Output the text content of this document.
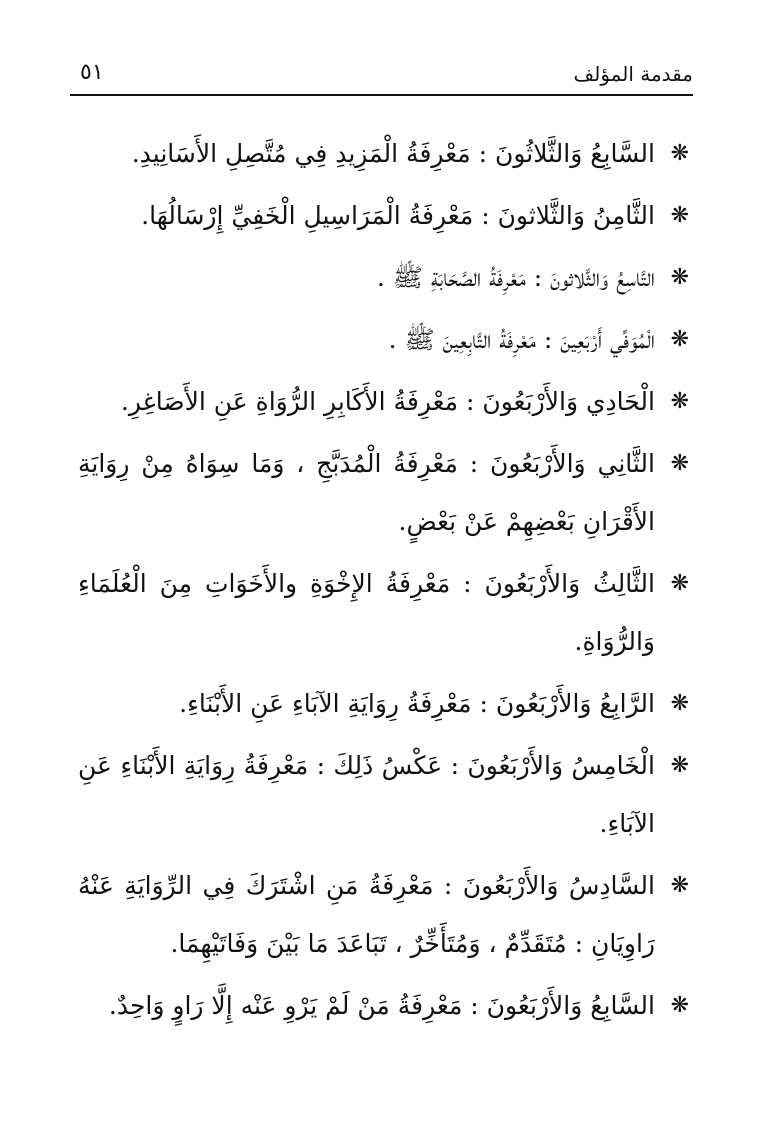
مقدمة المؤلف
٥١
❋
السَّابِعُ وَالثَّلاثُونَ : مَعْرِفَةُ الْمَزِيدِ فِي مُتَّصِلِ الأَسَانِيدِ.
❋
الثَّامِنُ وَالثَّلاثونَ : مَعْرِفَةُ الْمَرَاسِيلِ الْخَفِيِّ إِرْسَالُهَا.
❋
التَّاسِعُ وَالثَّلاثونَ : مَعْرِفَةُ الصَّحَابَةِ ﷺ .
❋
الْمُوَفِّي أَرْبَعِينَ : مَعْرِفَةُ التَّابِعِينَ ﷺ .
❋
الْحَادِي وَالأَرْبَعُونَ : مَعْرِفَةُ الأَكَابِرِ الرُّوَاةِ عَنِ الأَصَاغِرِ.
❋
الثَّانِي وَالأَرْبَعُونَ : مَعْرِفَةُ الْمُدَبَّجِ ، وَمَا سِوَاهُ مِنْ رِوَايَةِ الأَقْرَانِ بَعْضِهِمْ عَنْ بَعْضٍ.
❋
الثَّالِثُ وَالأَرْبَعُونَ : مَعْرِفَةُ الإِخْوَةِ والأَخَوَاتِ مِنَ الْعُلَمَاءِ وَالرُّوَاةِ.
❋
الرَّابِعُ وَالأَرْبَعُونَ : مَعْرِفَةُ رِوَايَةِ الآبَاءِ عَنِ الأَبْنَاءِ.
❋
الْخَامِسُ وَالأَرْبَعُونَ : عَكْسُ ذَلِكَ : مَعْرِفَةُ رِوَايَةِ الأَبْنَاءِ عَنِ الآبَاءِ.
❋
السَّادِسُ وَالأَرْبَعُونَ : مَعْرِفَةُ مَنِ اشْتَرَكَ فِي الرِّوَايَةِ عَنْهُ رَاوِيَانِ : مُتَقَدِّمٌ ، وَمُتَأَخِّرٌ ، تَبَاعَدَ مَا بَيْنَ وَفَاتَيْهِمَا.
❋
السَّابِعُ وَالأَرْبَعُونَ : مَعْرِفَةُ مَنْ لَمْ يَرْوِ عَنْه إِلَّا رَاوٍ وَاحِدٌ.
